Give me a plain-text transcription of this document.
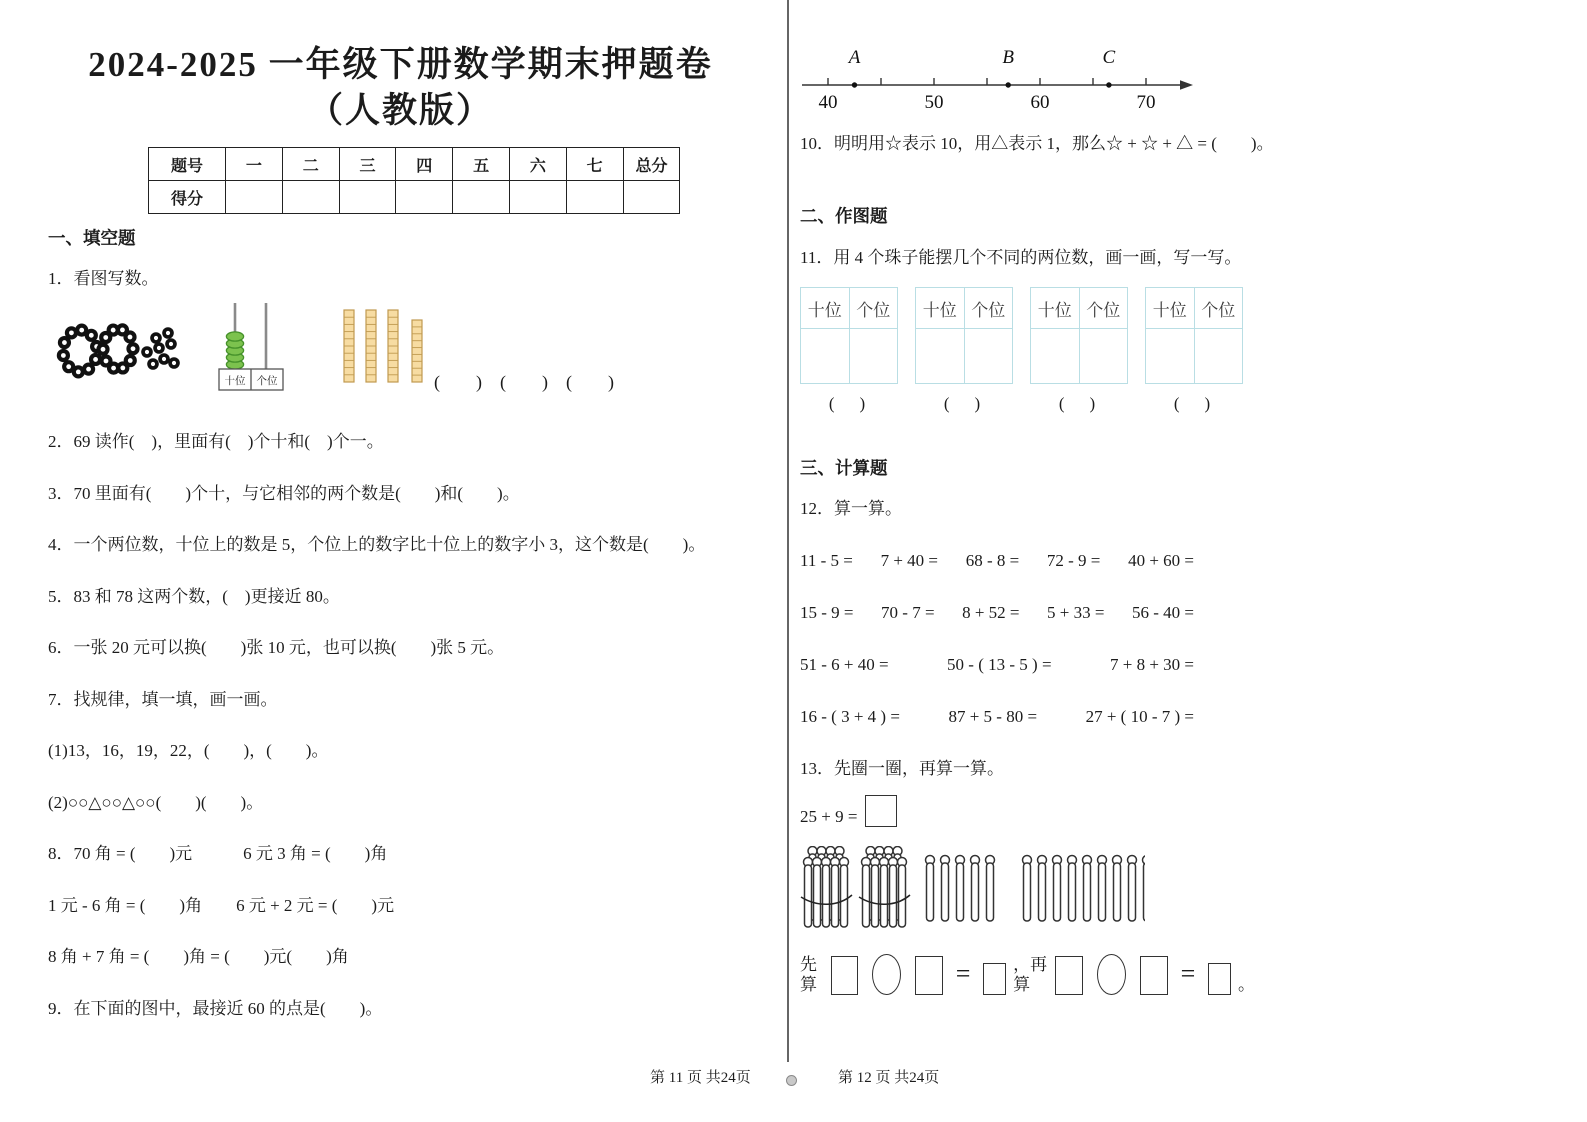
2024-2025 一年级下册数学期末押题卷
（人教版）
题号	一	二	三	四	五	六	七	总分
得分								
一、填空题
1．看图写数。
十位 个位	(　　)　(　　)　(　　)
2．69 读作(　)，里面有(　)个十和(　)个一。
3．70 里面有(　　)个十，与它相邻的两个数是(　　)和(　　)。
4．一个两位数，十位上的数是 5，个位上的数字比十位上的数字小 3，这个数是(　　)。
5．83 和 78 这两个数，(　)更接近 80。
6．一张 20 元可以换(　　)张 10 元，也可以换(　　)张 5 元。
7．找规律，填一填，画一画。
(1)13，16，19，22，(　　)，(　　)。
(2)○○△○○△○○(　　)(　　)。
8．70 角 = (　　)元　　　6 元 3 角 = (　　)角
1 元 - 6 角 = (　　)角　　6 元 + 2 元 = (　　)元
8 角 + 7 角 = (　　)角 = (　　)元(　　)角
9．在下面的图中，最接近 60 的点是(　　)。
40	50	60	70
A	B	C
10．明明用☆表示 10，用△表示 1，那么☆ + ☆ + △ = (　　)。
二、作图题
11．用 4 个珠子能摆几个不同的两位数，画一画，写一写。
十位	个位

(　)
十位	个位

(　)
十位	个位

(　)
十位	个位

(　)
三、计算题
12．算一算。
11 - 5 = 7 + 40 = 68 - 8 = 72 - 9 = 40 + 60 =
15 - 9 = 70 - 7 = 8 + 52 = 5 + 33 = 56 - 40 =
51 - 6 + 40 =	50 - ( 13 - 5 ) =	7 + 8 + 30 =
16 - ( 3 + 4 ) =	87 + 5 - 80 =	27 + ( 10 - 7 ) =
13．先圈一圈，再算一算。
25 + 9 =
先算	=	，再算	=	。
第 11 页 共24页	第 12 页 共24页
